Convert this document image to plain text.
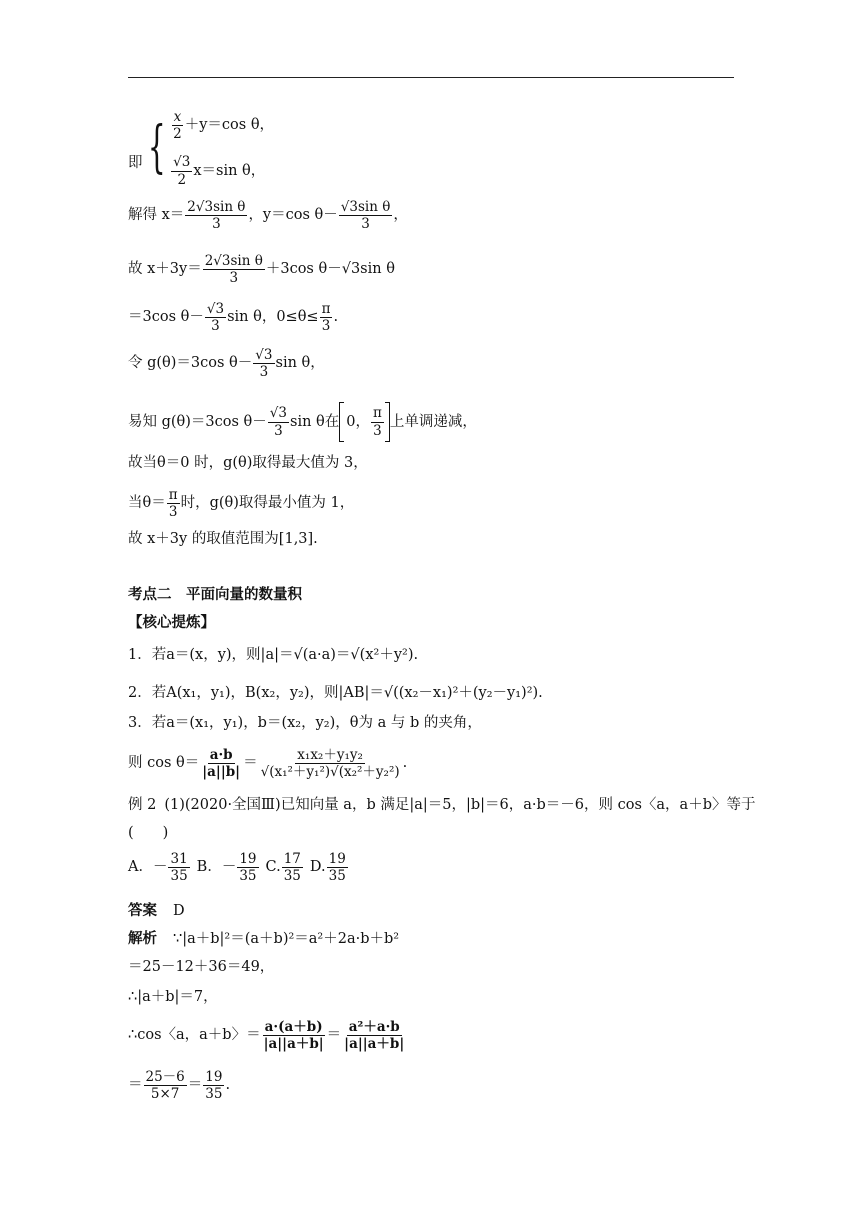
即 { $\frac{x}{2} +y=\cos$ θ，
$\frac{√3}{2} x=\sin$ θ，
解得 $x= \frac{\text{2√3sin θ}}{3}$ ，y＝cos $\theta- \frac{\text{√3sin θ}}{3}$ ，
故 $x+3y= \frac{\text{2√3sin θ}}{3} +3\cos$ θ－√3sin θ
＝3cos $\theta- \frac{√3}{3}$ sin θ，$0\le\theta\le \frac{\pi}{3}$ .
令 g(θ)＝3cos $\theta- \frac{√3}{3}$ sin θ，
易知 g(θ)＝3cos $\theta- \frac{√3}{3}$ sin θ在 0， $\frac{\pi}{3}$ 上单调递减，
故当θ＝0 时，g(θ)取得最大值为 3，
当$\theta= \frac{\pi}{3}$ 时，g(θ)取得最小值为 1，
故 x＋3y 的取值范围为[1,3].
考点二　平面向量的数量积
【核心提炼】
1．若 a＝(x，y)，则|a|＝√(a·a)＝√(x²＋y²).
2．若 A(x₁，y₁)，B(x₂，y₂)，则|AB|＝√((x₂－x₁)²＋(y₂－y₁)²).
3．若 a＝(x₁，y₁)，b＝(x₂，y₂)，θ为 a 与 b 的夹角，
则 $\cos \theta= \frac{a\cdot b}{|a||b|} = \frac{\text{x₁x₂＋y₁y₂}}{\text{√(x₁²＋y₁²)√(x₂²＋y₂²)}}$ .
例 2 (1)(2020·全国Ⅲ)已知向量 a，b 满足|a|＝5，|b|＝6，a·b＝－6，则 cos〈a，a＋b〉等于
(　　)
A．－ $\frac{31}{35}$ B．－ $\frac{19}{35} C$. $\frac{17}{35} D$. $\frac{19}{35}$
答案 D
解析 ∵|a＋b|²＝(a＋b)²＝a²＋2a·b＋b²
＝25－12＋36＝49，
∴|a＋b|＝7，
∴cos〈a，a＋b〉＝ $\frac{a\cdot(a+b)}{|a||a+b|} = \frac{\text{a²＋a·b}}{|a||a+b|}$
＝ $\frac{25-6}{5\times 7} = \frac{19}{35}$ .
